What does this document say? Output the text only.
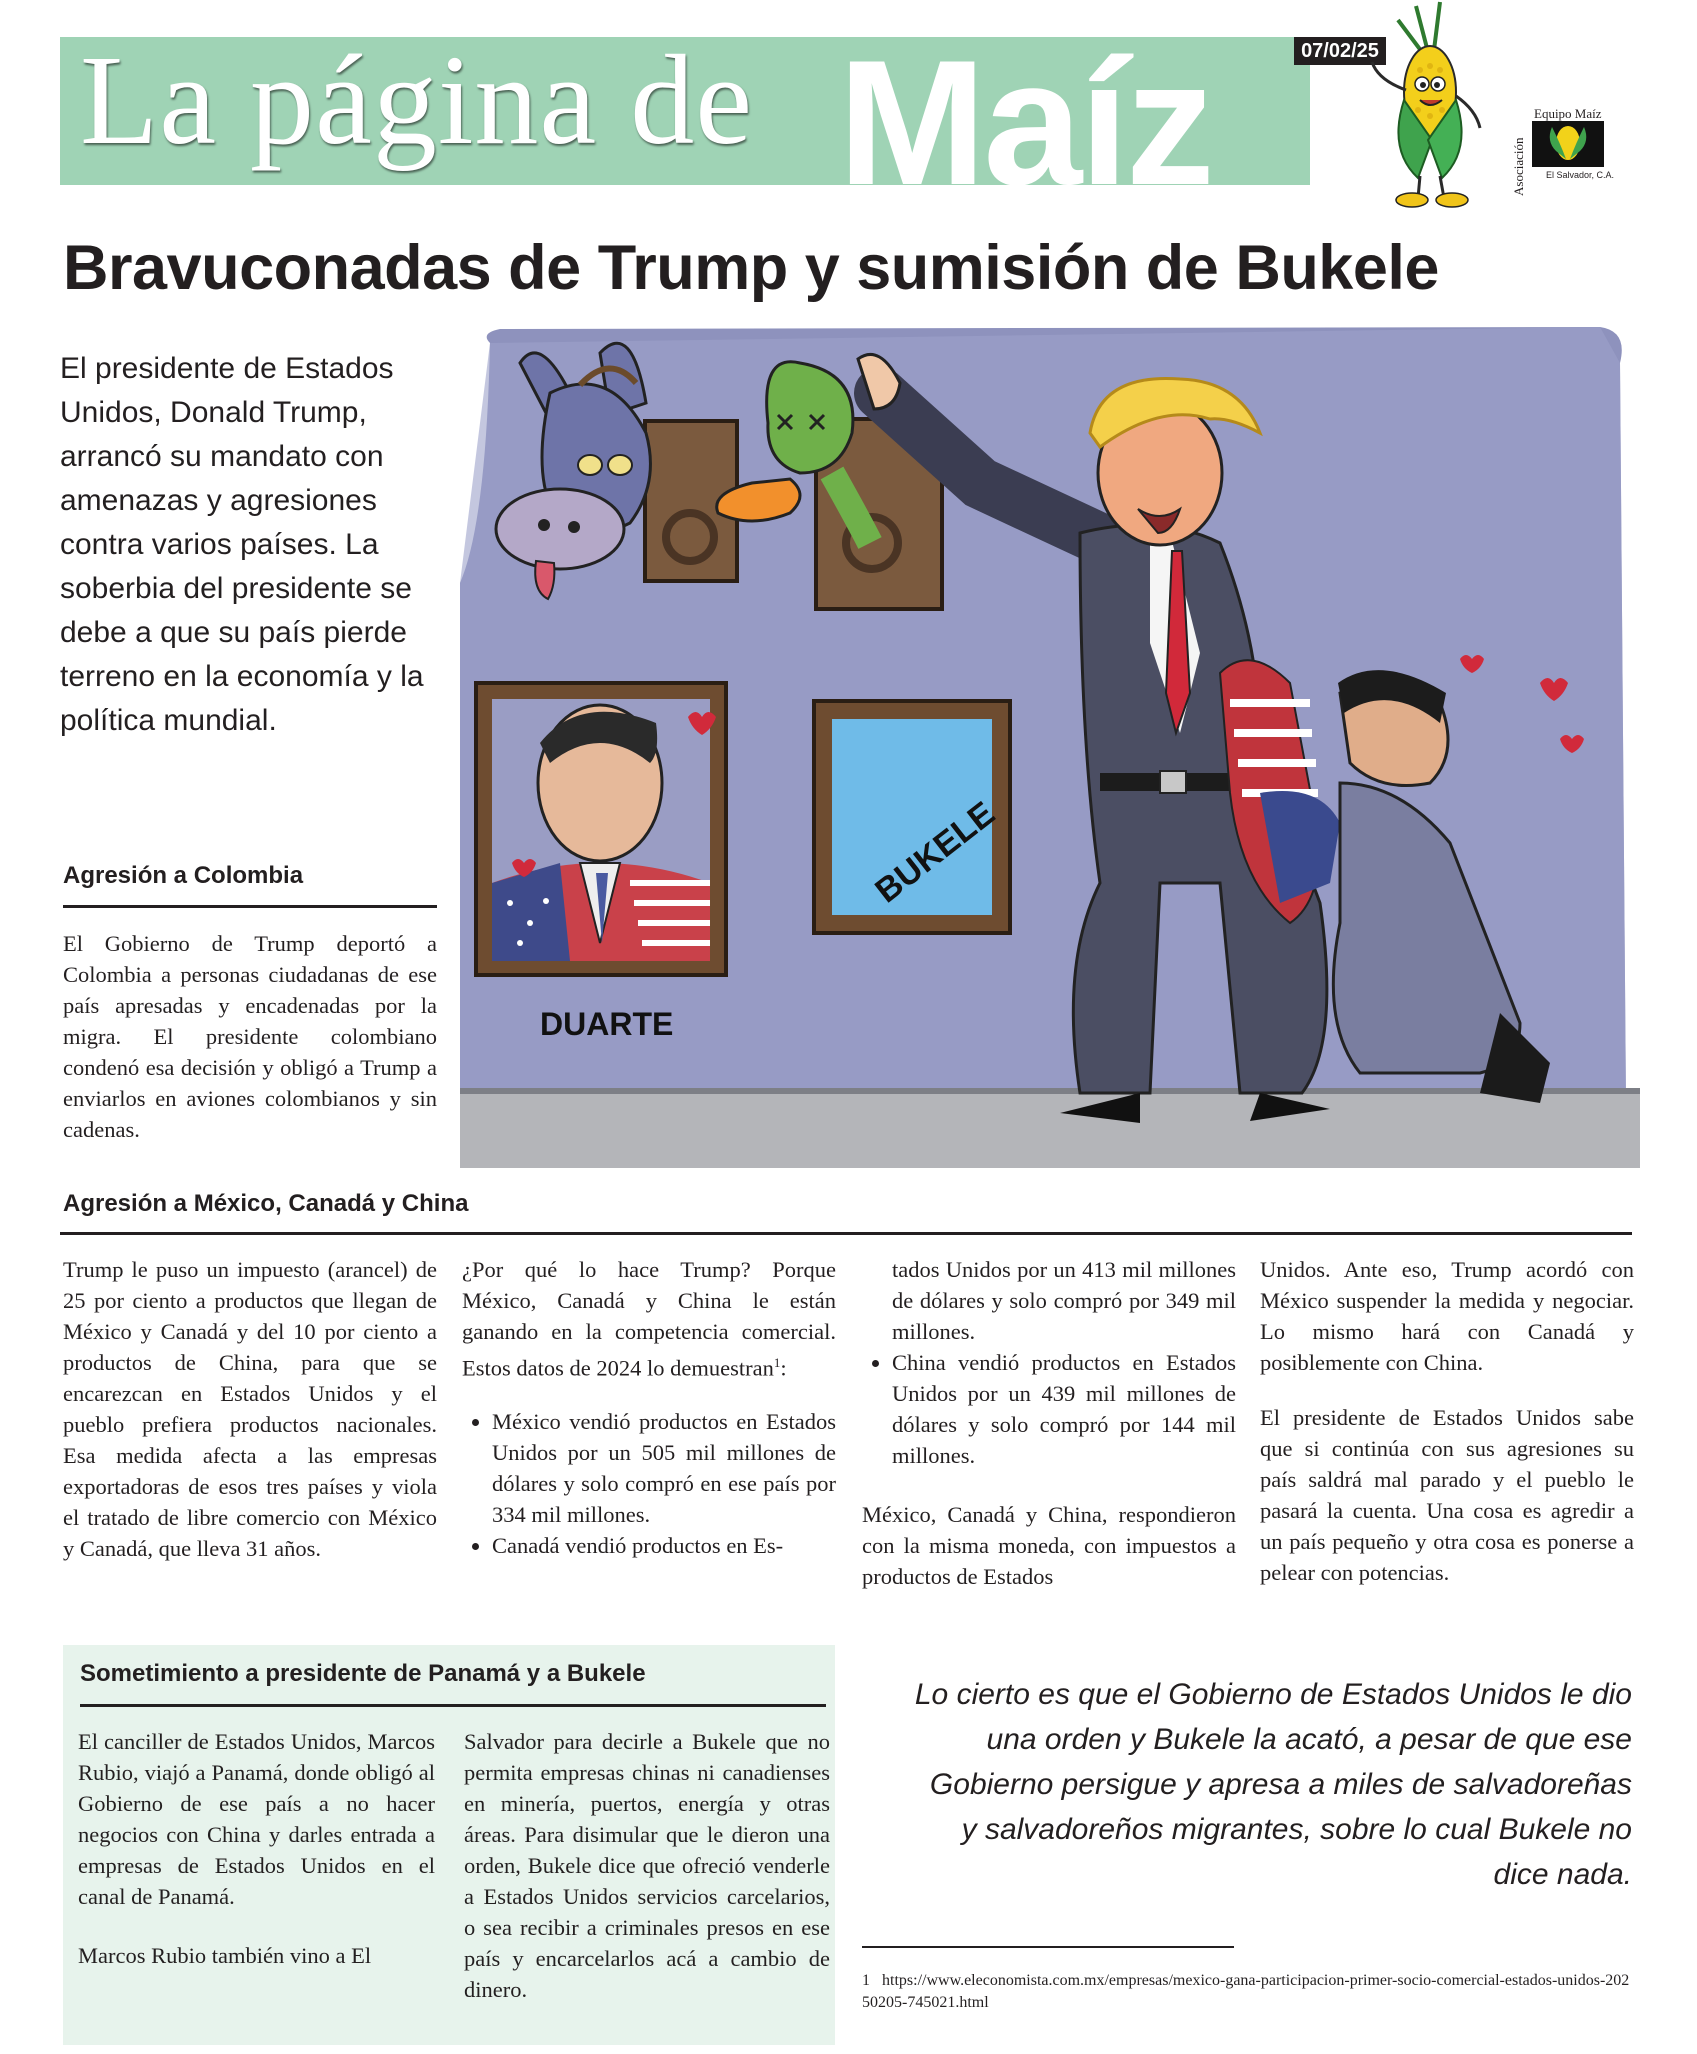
La página de Maíz	07/02/25
Nº 999
Asociación
Equipo Maíz
El Salvador, C.A.
Bravuconadas de Trump y sumisión de Bukele
El presidente de Estados Unidos, Donald Trump, arrancó su mandato con amenazas y agresiones contra varios países. La soberbia del presidente se debe a que su país pierde terreno en la economía y la política mundial.
DUARTE
BUKELE
Agresión a Colombia
El Gobierno de Trump deportó a Colombia a personas ciudadanas de ese país apresadas y encadenadas por la migra. El presidente colombiano condenó esa decisión y obligó a Trump a enviarlos en aviones colombianos y sin cadenas.
Agresión a México, Canadá y China
Trump le puso un impuesto (arancel) de 25 por ciento a productos que llegan de México y Canadá y del 10 por ciento a productos de China, para que se encarezcan en Estados Unidos y el pueblo prefiera productos nacionales. Esa medida afecta a las empresas exportadoras de esos tres países y viola el tratado de libre comercio con México y Canadá, que lleva 31 años.

¿Por qué lo hace Trump? Porque México, Canadá y China le están ganando en la competencia comercial. Estos datos de 2024 lo demuestran$^1$:

• México vendió productos en Estados Unidos por un 505 mil millones de dólares y solo compró en ese país por 334 mil millones.
• Canadá vendió productos en Es-

tados Unidos por un 413 mil millones de dólares y solo compró por 349 mil millones.

• China vendió productos en Estados Unidos por un 439 mil millones de dólares y solo compró por 144 mil millones.

México, Canadá y China, respondieron con la misma moneda, con impuestos a productos de Estados

Unidos. Ante eso, Trump acordó con México suspender la medida y negociar. Lo mismo hará con Canadá y posiblemente con China.

El presidente de Estados Unidos sabe que si continúa con sus agresiones su país saldrá mal parado y el pueblo le pasará la cuenta. Una cosa es agredir a un país pequeño y otra cosa es ponerse a pelear con potencias.

Sometimiento a presidente de Panamá y a Bukele

El canciller de Estados Unidos, Marcos Rubio, viajó a Panamá, donde obligó al Gobierno de ese país a no hacer negocios con China y darles entrada a empresas de Estados Unidos en el canal de Panamá.

Marcos Rubio también vino a El

Salvador para decirle a Bukele que no permita empresas chinas ni canadienses en minería, puertos, energía y otras áreas. Para disimular que le dieron una orden, Bukele dice que ofreció venderle a Estados Unidos servicios carcelarios, o sea recibir a criminales presos en ese país y encarcelarlos acá a cambio de dinero.
Lo cierto es que el Gobierno de Estados Unidos le dio una orden y Bukele la acató, a pesar de que ese Gobierno persigue y apresa a miles de salvadoreñas y salvadoreños migrantes, sobre lo cual Bukele no dice nada.
1 https://www.eleconomista.com.mx/empresas/mexico-gana-participacion-primer-socio-comercial-estados-unidos-20250205-745021.html
